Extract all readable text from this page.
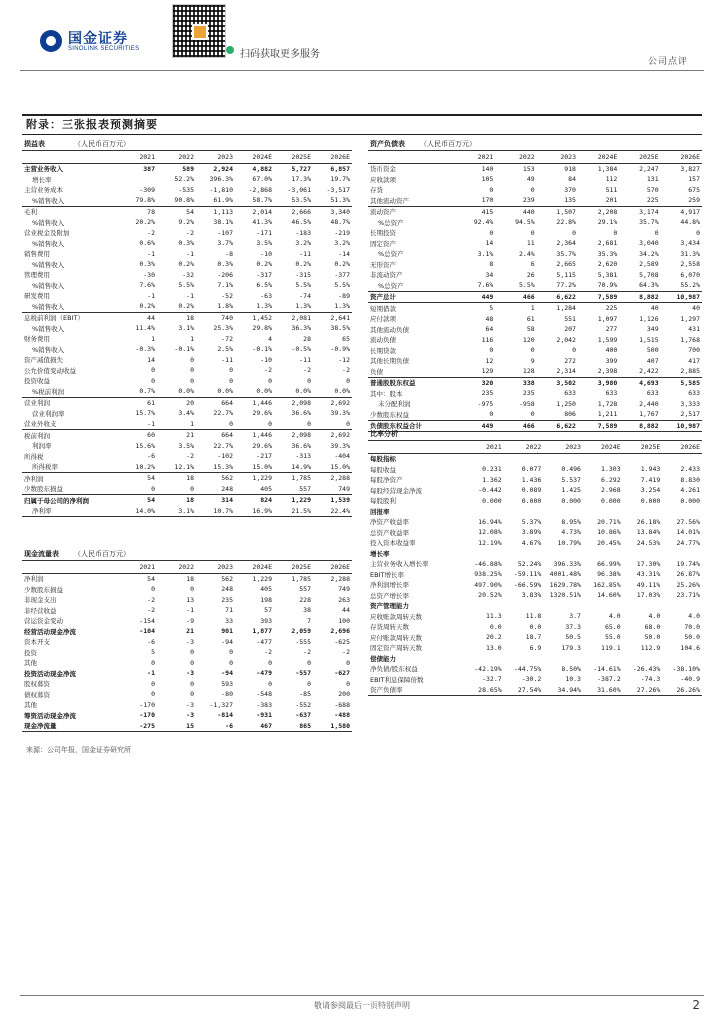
国金证券
SINOLINK SECURITIES	扫码获取更多服务
公司点评
附录：三张报表预测摘要
损益表	（人民币百万元）
	2021	2022	2023	2024E	2025E	2026E
主营业务收入	387	589	2,924	4,882	5,727	6,857
增长率		52.2%	396.3%	67.0%	17.3%	19.7%
主营业务成本	-309	-535	-1,810	-2,868	-3,061	-3,517
%销售收入	79.8%	90.8%	61.9%	58.7%	53.5%	51.3%
毛利	78	54	1,113	2,014	2,666	3,340
%销售收入	20.2%	9.2%	38.1%	41.3%	46.5%	48.7%
营业税金及附加	-2	-2	-107	-171	-183	-219
%销售收入	0.6%	0.3%	3.7%	3.5%	3.2%	3.2%
销售费用	-1	-1	-8	-10	-11	-14
%销售收入	0.3%	0.2%	0.3%	0.2%	0.2%	0.2%
管理费用	-30	-32	-206	-317	-315	-377
%销售收入	7.6%	5.5%	7.1%	6.5%	5.5%	5.5%
研发费用	-1	-1	-52	-63	-74	-89
%销售收入	0.2%	0.2%	1.8%	1.3%	1.3%	1.3%
息税前利润（EBIT）	44	18	740	1,452	2,081	2,641
%销售收入	11.4%	3.1%	25.3%	29.8%	36.3%	38.5%
财务费用	1	1	-72	4	28	65
%销售收入	-0.3%	-0.1%	2.5%	-0.1%	-0.5%	-0.9%
资产减值损失	14	0	-11	-10	-11	-12
公允价值变动收益	0	0	0	-2	-2	-2
投资收益	0	0	0	0	0	0
%税前利润	0.7%	0.0%	0.0%	0.0%	0.0%	0.0%
营业利润	61	20	664	1,446	2,098	2,692
营业利润率	15.7%	3.4%	22.7%	29.6%	36.6%	39.3%
营业外收支	-1	1	0	0	0	0
税前利润	60	21	664	1,446	2,098	2,692
利润率	15.6%	3.5%	22.7%	29.6%	36.6%	39.3%
所得税	-6	-2	-102	-217	-313	-404
所得税率	10.2%	12.1%	15.3%	15.0%	14.9%	15.0%
净利润	54	18	562	1,229	1,785	2,288
少数股东损益	0	0	248	405	557	749
归属于母公司的净利润	54	18	314	824	1,229	1,539
净利率	14.0%	3.1%	10.7%	16.9%	21.5%	22.4%
资产负债表 （人民币百万元）
	2021	2022	2023	2024E	2025E	2026E
货币资金	140	153	918	1,384	2,247	3,827
应收款项	105	49	84	112	131	157
存货	0	0	370	511	570	675
其他流动资产	170	239	135	201	225	259
流动资产	415	440	1,507	2,208	3,174	4,917
%总资产	92.4%	94.5%	22.8%	29.1%	35.7%	44.8%
长期投资	0	0	0	0	0	0
固定资产	14	11	2,364	2,681	3,040	3,434
%总资产	3.1%	2.4%	35.7%	35.3%	34.2%	31.3%
无形资产	8	6	2,665	2,620	2,589	2,558
非流动资产	34	26	5,115	5,381	5,708	6,070
%总资产	7.6%	5.5%	77.2%	70.9%	64.3%	55.2%
资产总计	449	466	6,622	7,589	8,882	10,987
短期借款	5	1	1,284	225	40	40
应付款项	48	61	551	1,097	1,126	1,297
其他流动负债	64	58	207	277	349	431
流动负债	116	120	2,042	1,599	1,515	1,768
长期贷款	0	0	0	400	500	700
其他长期负债	12	9	272	399	407	417
负债	129	128	2,314	2,398	2,422	2,885
普通股股东权益	320	338	3,502	3,980	4,693	5,585
其中：股本	235	235	633	633	633	633
未分配利润	-975	-958	1,250	1,728	2,440	3,333
少数股东权益	0	0	806	1,211	1,767	2,517
负债股东权益合计	449	466	6,622	7,589	8,882	10,987
比率分析
	2021	2022	2023	2024E	2025E	2026E
每股指标						
每股收益	0.231	0.077	0.496	1.303	1.943	2.433
每股净资产	1.362	1.436	5.537	6.292	7.419	8.830
每股经营现金净流	-0.442	0.089	1.425	2.968	3.254	4.261
每股股利	0.000	0.000	0.000	0.000	0.000	0.000
回报率						
净资产收益率	16.94%	5.37%	8.95%	20.71%	26.18%	27.56%
总资产收益率	12.08%	3.89%	4.73%	10.86%	13.84%	14.01%
投入资本收益率	12.19%	4.67%	10.79%	20.45%	24.53%	24.77%
增长率						
主营业务收入增长率	-46.88%	52.24%	396.33%	66.99%	17.30%	19.74%
EBIT增长率	938.25%	-59.11%	4001.48%	96.38%	43.31%	26.87%
净利润增长率	497.90%	-66.59%	1629.78%	162.85%	49.11%	25.26%
总资产增长率	20.52%	3.83%	1320.51%	14.60%	17.03%	23.71%
资产管理能力						
应收账款周转天数	11.3	11.8	3.7	4.0	4.0	4.0
存货周转天数	0.0	0.0	37.3	65.0	68.0	70.0
应付账款周转天数	20.2	18.7	50.5	55.0	50.0	50.0
固定资产周转天数	13.0	6.9	179.3	119.1	112.9	104.6
偿债能力						
净负债/股东权益	-42.19%	-44.75%	8.50%	-14.61%	-26.43%	-38.10%
EBIT利息保障倍数	-32.7	-30.2	10.3	-387.2	-74.3	-40.9
资产负债率	28.65%	27.54%	34.94%	31.60%	27.26%	26.26%
现金流量表 （人民币百万元）
	2021	2022	2023	2024E	2025E	2026E
净利润	54	18	562	1,229	1,785	2,288
少数股东损益	0	0	248	405	557	749
非现金支出	-2	13	235	198	228	263
非经营收益	-2	-1	71	57	38	44
营运资金变动	-154	-9	33	393	7	100
经营活动现金净流	-104	21	901	1,877	2,059	2,696
资本开支	-6	-3	-94	-477	-555	-625
投资	5	0	0	-2	-2	-2
其他	0	0	0	0	0	0
投资活动现金净流	-1	-3	-94	-479	-557	-627
股权募资	0	0	593	0	0	0
债权募资	0	0	-80	-548	-85	200
其他	-170	-3	-1,327	-383	-552	-688
筹资活动现金净流	-170	-3	-814	-931	-637	-488
现金净流量	-275	15	-6	467	865	1,580
来源：公司年报，国金证券研究所
敬请参阅最后一页特别声明	2
